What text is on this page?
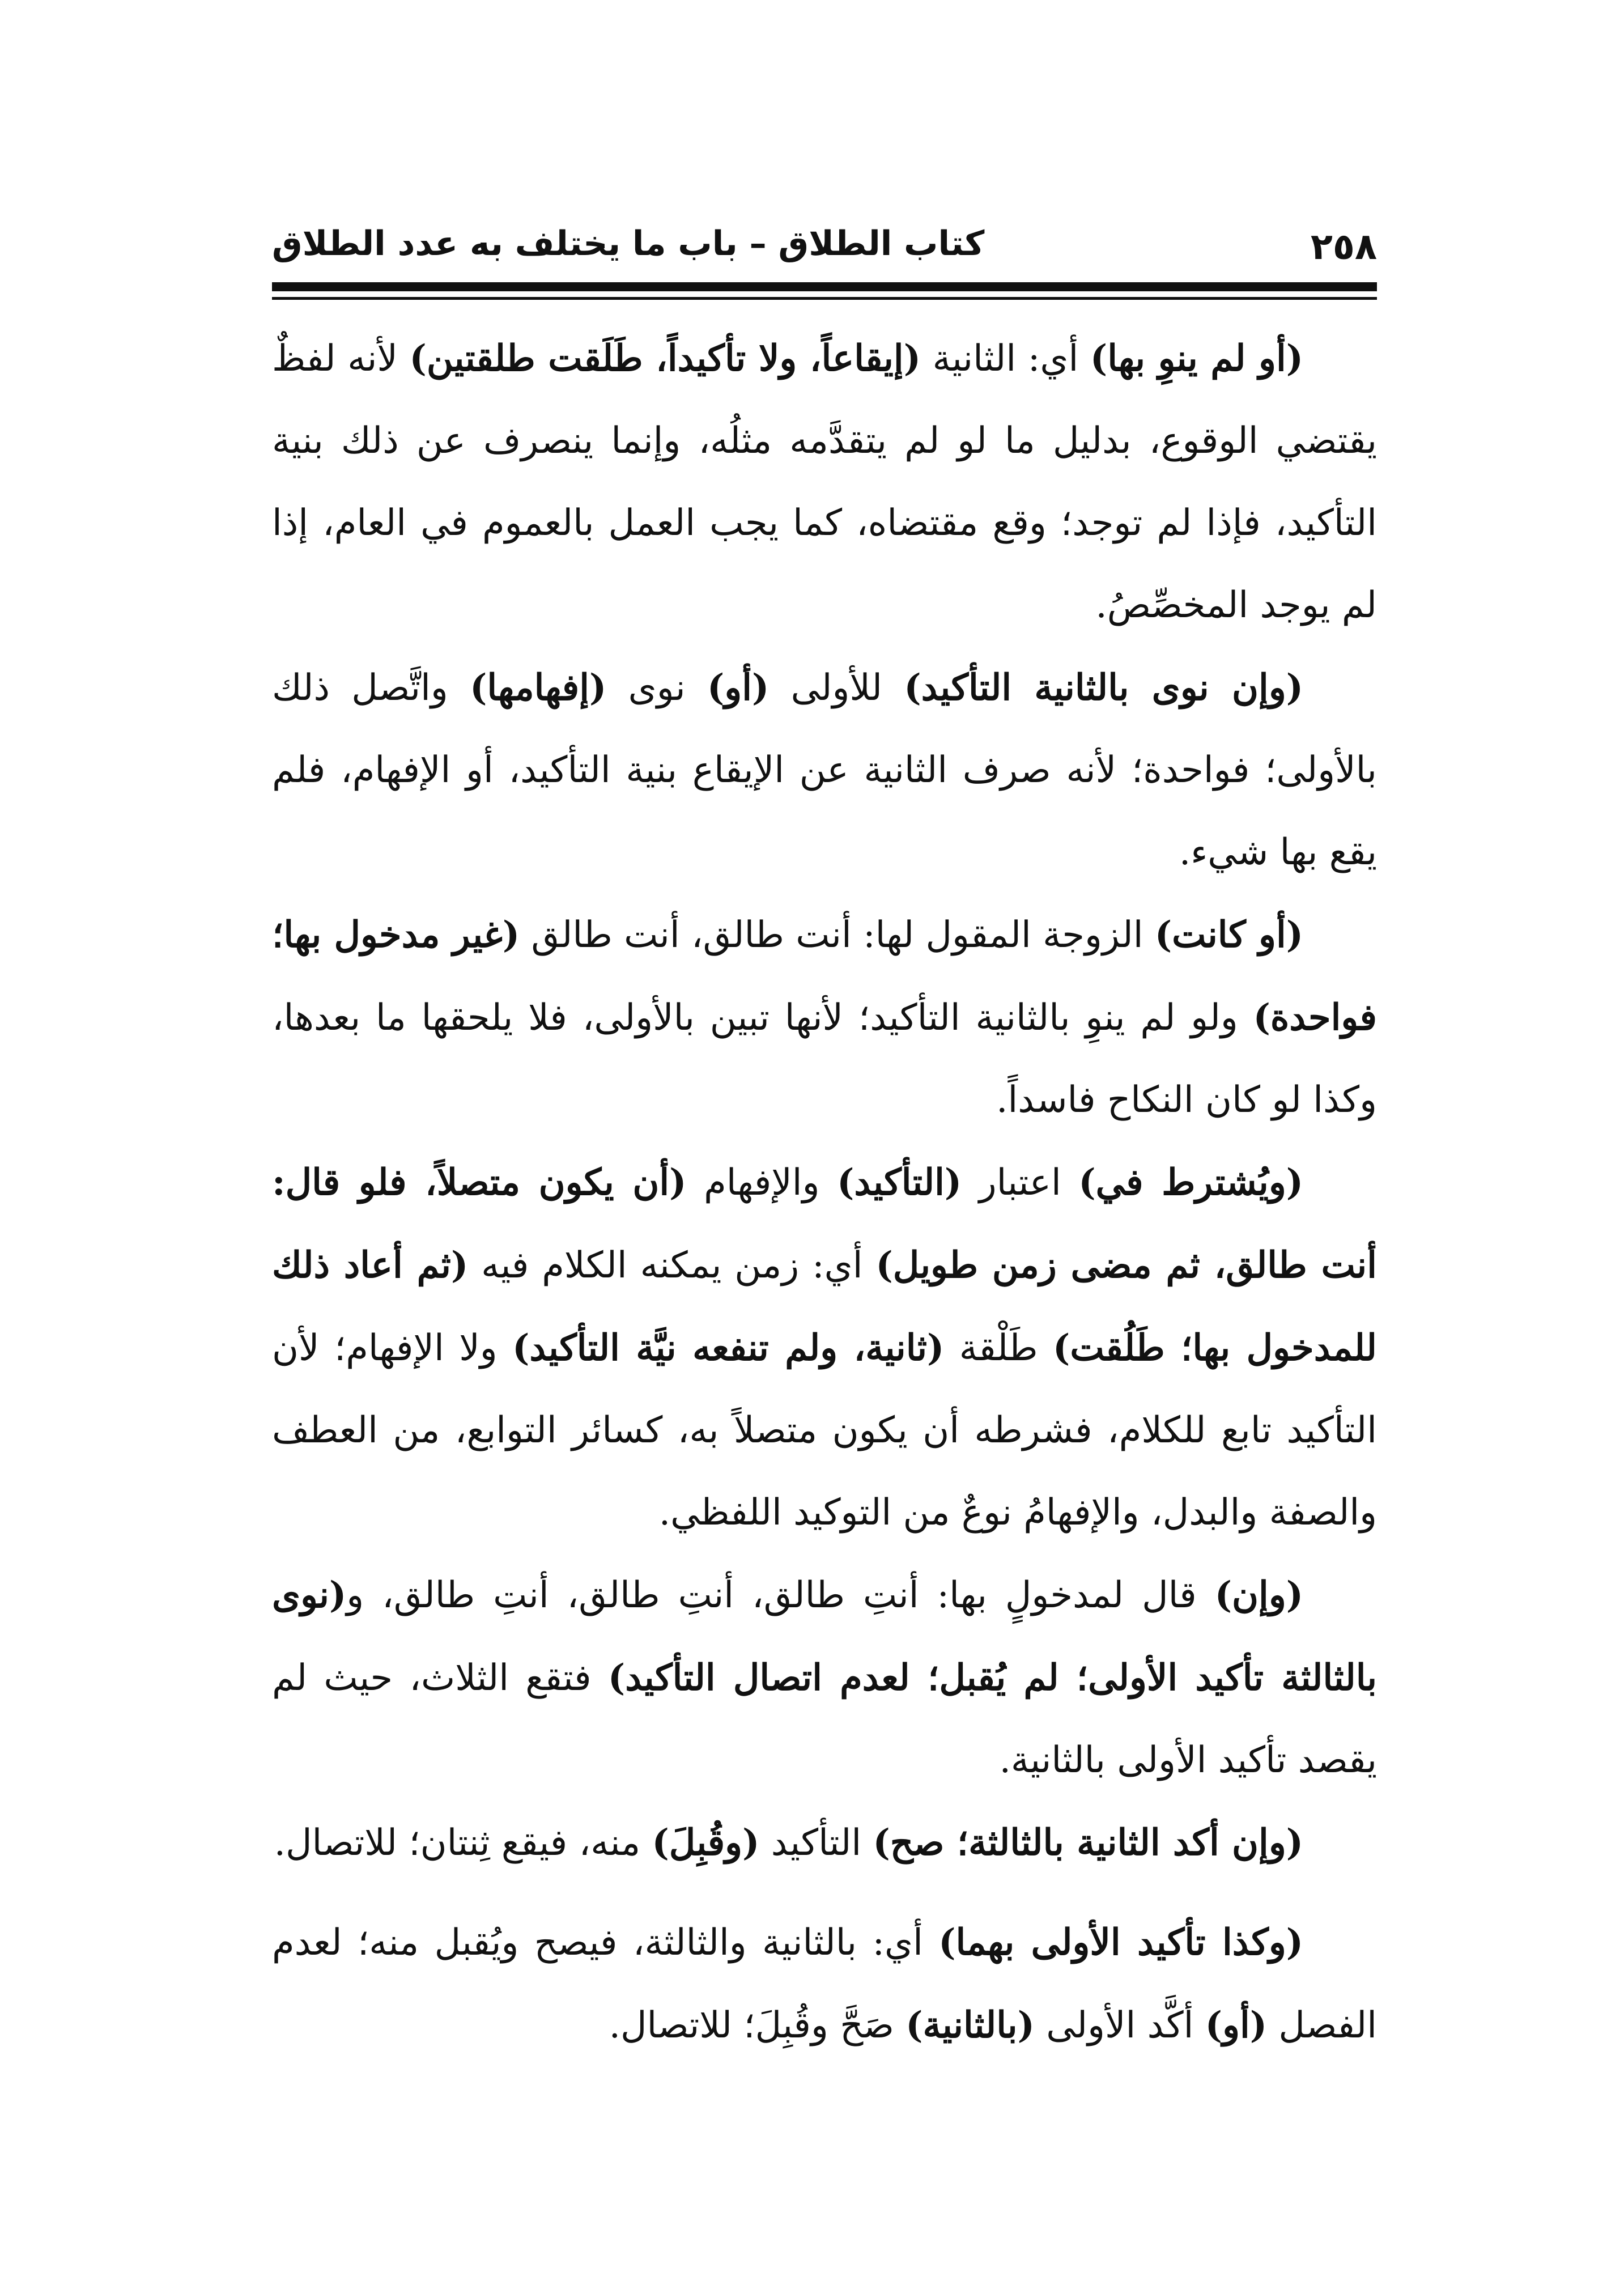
كتاب الطلاق – باب ما يختلف به عدد الطلاق	٢٥٨

(أو لم ينوِ بها) أي: الثانية (إيقاعاً، ولا تأكيداً، طَلَقت طلقتين) لأنه لفظٌ يقتضي الوقوع، بدليل ما لو لم يتقدَّمه مثلُه، وإنما ينصرف عن ذلك بنية التأكيد، فإذا لم توجد؛ وقع مقتضاه، كما يجب العمل بالعموم في العام، إذا لم يوجد المخصِّصُ.

(وإن نوى بالثانية التأكيد) للأولى (أو) نوى (إفهامها) واتَّصل ذلك بالأولى؛ فواحدة؛ لأنه صرف الثانية عن الإيقاع بنية التأكيد، أو الإفهام، فلم يقع بها شيء.

(أو كانت) الزوجة المقول لها: أنت طالق، أنت طالق (غير مدخول بها؛ فواحدة) ولو لم ينوِ بالثانية التأكيد؛ لأنها تبين بالأولى، فلا يلحقها ما بعدها، وكذا لو كان النكاح فاسداً.

(ويُشترط في) اعتبار (التأكيد) والإفهام (أن يكون متصلاً، فلو قال: أنت طالق، ثم مضى زمن طويل) أي: زمن يمكنه الكلام فيه (ثم أعاد ذلك للمدخول بها؛ طَلُقت) طَلْقة (ثانية، ولم تنفعه نيَّة التأكيد) ولا الإفهام؛ لأن التأكيد تابع للكلام، فشرطه أن يكون متصلاً به، كسائر التوابع، من العطف والصفة والبدل، والإفهامُ نوعٌ من التوكيد اللفظي.

(وإن) قال لمدخولٍ بها: أنتِ طالق، أنتِ طالق، أنتِ طالق، و(نوى بالثالثة تأكيد الأولى؛ لم يُقبل؛ لعدم اتصال التأكيد) فتقع الثلاث، حيث لم يقصد تأكيد الأولى بالثانية.

(وإن أكد الثانية بالثالثة؛ صح) التأكيد (وقُبِلَ) منه، فيقع ثِنتان؛ للاتصال.

(وكذا تأكيد الأولى بهما) أي: بالثانية والثالثة، فيصح ويُقبل منه؛ لعدم الفصل (أو) أكَّد الأولى (بالثانية) صَحَّ وقُبِلَ؛ للاتصال.
